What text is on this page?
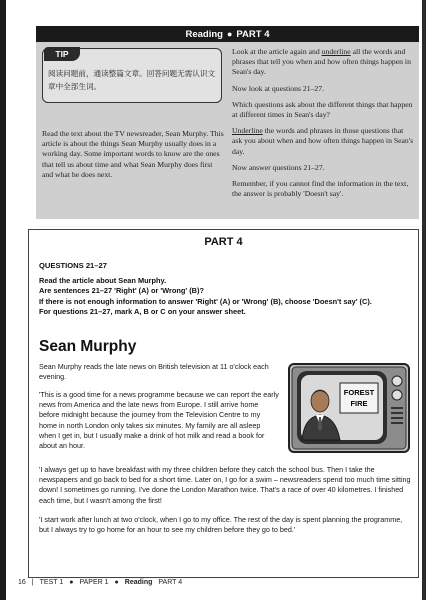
Reading ● PART 4
TIP
阅读问题前，通读整篇文章。回答问题无需认识文章中全部生词。
Read the text about the TV newsreader, Sean Murphy. This article is about the things Sean Murphy usually does in a working day. Some important words to know are the ones that tell us about time and what Sean Murphy does first and what he does next.

Look at the article again and underline all the words and phrases that tell you when and how often things happen in Sean's day.

Now look at questions 21–27.

Which questions ask about the different things that happen at different times in Sean's day?

Underline the words and phrases in those questions that ask you about when and how often things happen in Sean's day.

Now answer questions 21–27.

Remember, if you cannot find the information in the text, the answer is probably 'Doesn't say'.

PART 4
QUESTIONS 21–27
Read the article about Sean Murphy.
Are sentences 21–27 'Right' (A) or 'Wrong' (B)?
If there is not enough information to answer 'Right' (A) or 'Wrong' (B), choose 'Doesn't say' (C).
For questions 21–27, mark A, B or C on your answer sheet.
Sean Murphy
Sean Murphy reads the late news on British television at 11 o'clock each evening.
'This is a good time for a news programme because we can report the early news from America and the late news from Europe. I still arrive home before midnight because the journey from the Television Centre to my home in north London only takes six minutes. My family are all asleep when I get in, but I usually make a drink of hot milk and read a book for about an hour.
'I always get up to have breakfast with my three children before they catch the school bus. Then I take the newspapers and go back to bed for a short time. Later on, I go for a swim – newsreaders spend too much time sitting down! I sometimes go running. I've done the London Marathon twice. That's a race of over 40 kilometres. I finished each time, but I wasn't among the first!
'I start work after lunch at two o'clock, when I go to my office. The rest of the day is spent planning the programme, but I always try to go home for an hour to see my children before they go to bed.'
FOREST
FIRE
16 | TEST 1 ● PAPER 1 ● Reading PART 4
